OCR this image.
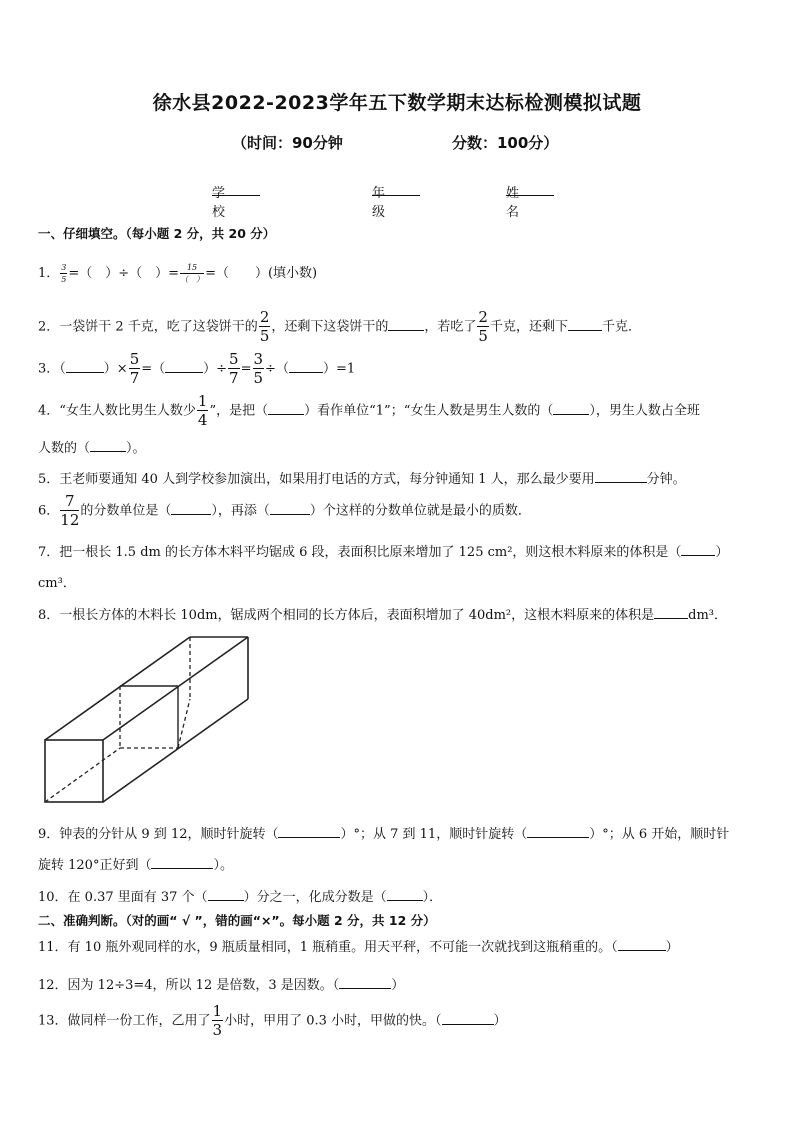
徐水县2022-2023学年五下数学期末达标检测模拟试题
（时间：90分钟	分数：100分）
学校
年级
姓名
一、仔细填空。（每小题 2 分，共 20 分）
1． $\frac{3}{5}$ =（　）÷（　）= $\frac{15}{( )}$ =（　　）(填小数)
2．一袋饼干 2 千克，吃了这袋饼干的 $\frac{2}{5}$ ，还剩下这袋饼干的	，若吃了 $\frac{2}{5}$ 千克，还剩下	千克．
3．（	）× $\frac{5}{7}$ =（	）÷ $\frac{5}{7} = \frac{3}{5}$ ÷（	）=1
4．“女生人数比男生人数少 $\frac{1}{4}$ ”，是把（	）看作单位“1”；“女生人数是男生人数的（	），男生人数占全班
人数的（	）。
5．王老师要通知 40 人到学校参加演出，如果用打电话的方式，每分钟通知 1 人，那么最少要用	分钟。
6． $\frac{7}{12}$ 的分数单位是（	），再添（	）个这样的分数单位就是最小的质数．
7．把一根长 1.5 dm 的长方体木料平均锯成 6 段，表面积比原来增加了 125 cm²，则这根木料原来的体积是（	）
cm³．
8．一根长方体的木料长 10dm，锯成两个相同的长方体后，表面积增加了 40dm²，这根木料原来的体积是	dm³．
9．钟表的分针从 9 到 12，顺时针旋转（	）°；从 7 到 11，顺时针旋转（	）°；从 6 开始，顺时针
旋转 120°正好到（	）。
10．在 0.37 里面有 37 个（	）分之一，化成分数是（	）．
二、准确判断。（对的画“ √ ”，错的画“×”。每小题 2 分，共 12 分）
11．有 10 瓶外观同样的水，9 瓶质量相同，1 瓶稍重。用天平秤，不可能一次就找到这瓶稍重的。（	）
12．因为 12÷3=4，所以 12 是倍数，3 是因数。（	）
13．做同样一份工作，乙用了 $\frac{1}{3}$ 小时，甲用了 0.3 小时，甲做的快。（	）
